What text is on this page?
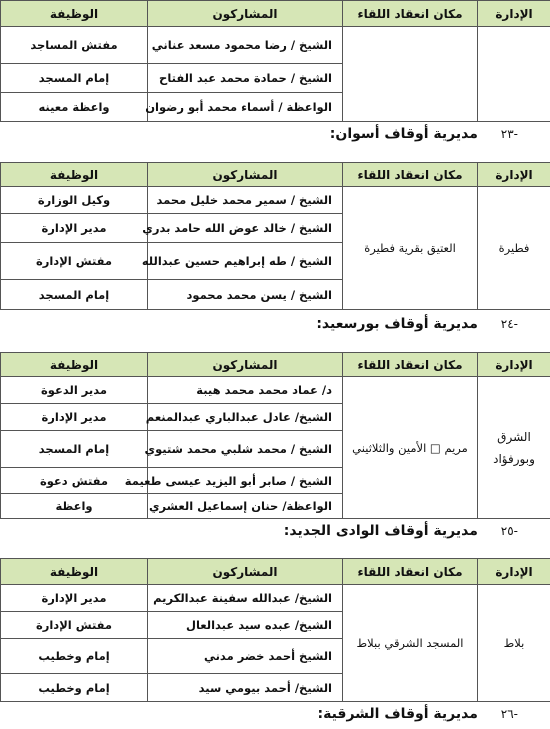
الإدارة	مكان انعقاد اللقاء	المشاركون	الوظيفة
		الشيخ / رضا محمود مسعد عناني	مفتش المساجد
		الشيخ / حمادة محمد عبد الفتاح	إمام المسجد
		الواعظة / أسماء محمد أبو رضوان	واعظة معينه
-٢٣ مديرية أوقاف أسوان:
الإدارة	مكان انعقاد اللقاء	المشاركون	الوظيفة
فطيرة	العتيق بقرية فطيرة	الشيخ / سمير محمد خليل محمد	وكيل الوزارة
		الشيخ / خالد عوض الله حامد بدري	مدير الإدارة
		الشيخ / طه إبراهيم حسين عبدالله	مفتش الإدارة
		الشيخ / يسن محمد محمود	إمام المسجد
-٢٤ مديرية أوقاف بورسعيد:
الإدارة	مكان انعقاد اللقاء	المشاركون	الوظيفة
الشرق وبورفؤاد	مريم □ الأمين والثلاثيني	د/ عماد محمد محمد هيبة	مدير الدعوة
		الشيخ/ عادل عبدالباري عبدالمنعم	مدير الإدارة
		الشيخ / محمد شلبي محمد شتيوي	إمام المسجد
		الشيخ / صابر أبو اليزيد عيسى طعيمة	مفتش دعوة
		الواعظة/ حنان إسماعيل العشري	واعظة
-٢٥ مديرية أوقاف الوادى الجديد:
الإدارة	مكان انعقاد اللقاء	المشاركون	الوظيفة
بلاط	المسجد الشرقي ببلاط	الشيخ/ عبدالله سفينة عبدالكريم	مدير الإدارة
		الشيخ/ عبده سيد عبدالعال	مفتش الإدارة
		الشيخ أحمد خضر مدني	إمام وخطيب
		الشيخ/ أحمد بيومي سيد	إمام وخطيب
-٢٦ مديرية أوقاف الشرقية:
